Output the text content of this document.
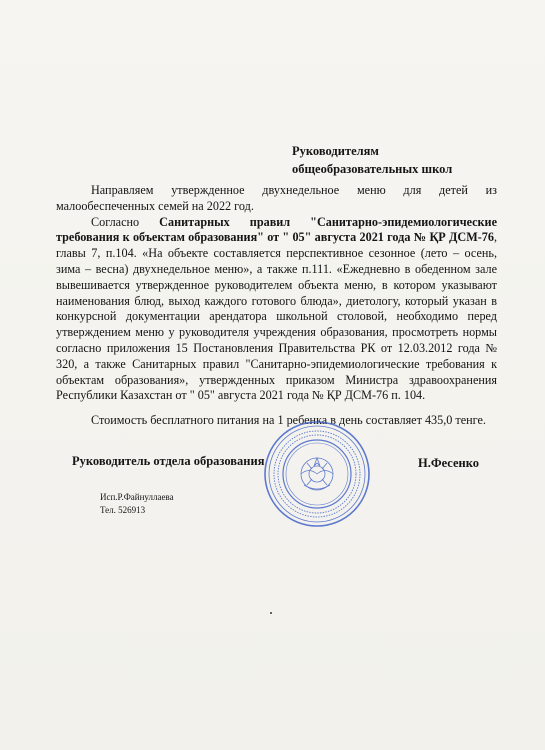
Руководителям
общеобразовательных школ

Направляем утвержденное двухнедельное меню для детей из малообеспеченных семей на 2022 год.

Согласно Санитарных правил "Санитарно-эпидемиологические требования к объектам образования" от " 05" августа 2021 года № ҚР ДСМ-76, главы 7, п.104. «На объекте составляется перспективное сезонное (лето – осень, зима – весна) двухнедельное меню», а также п.111. «Ежедневно в обеденном зале вывешивается утвержденное руководителем объекта меню, в котором указывают наименования блюд, выход каждого готового блюда», диетологу, который указан в конкурсной документации арендатора школьной столовой, необходимо перед утверждением меню у руководителя учреждения образования, просмотреть нормы согласно приложения 15 Постановления Правительства РК от 12.03.2012 года № 320, а также Санитарных правил "Санитарно-эпидемиологические требования к объектам образования», утвержденных приказом Министра здравоохранения Республики Казахстан от " 05" августа 2021 года № ҚР ДСМ-76 п. 104.

Стоимость бесплатного питания на 1 ребенка в день составляет 435,0 тенге.

Руководитель отдела образования	Н.Фесенко
Исп.Р.Файнуллаева
Тел. 526913
